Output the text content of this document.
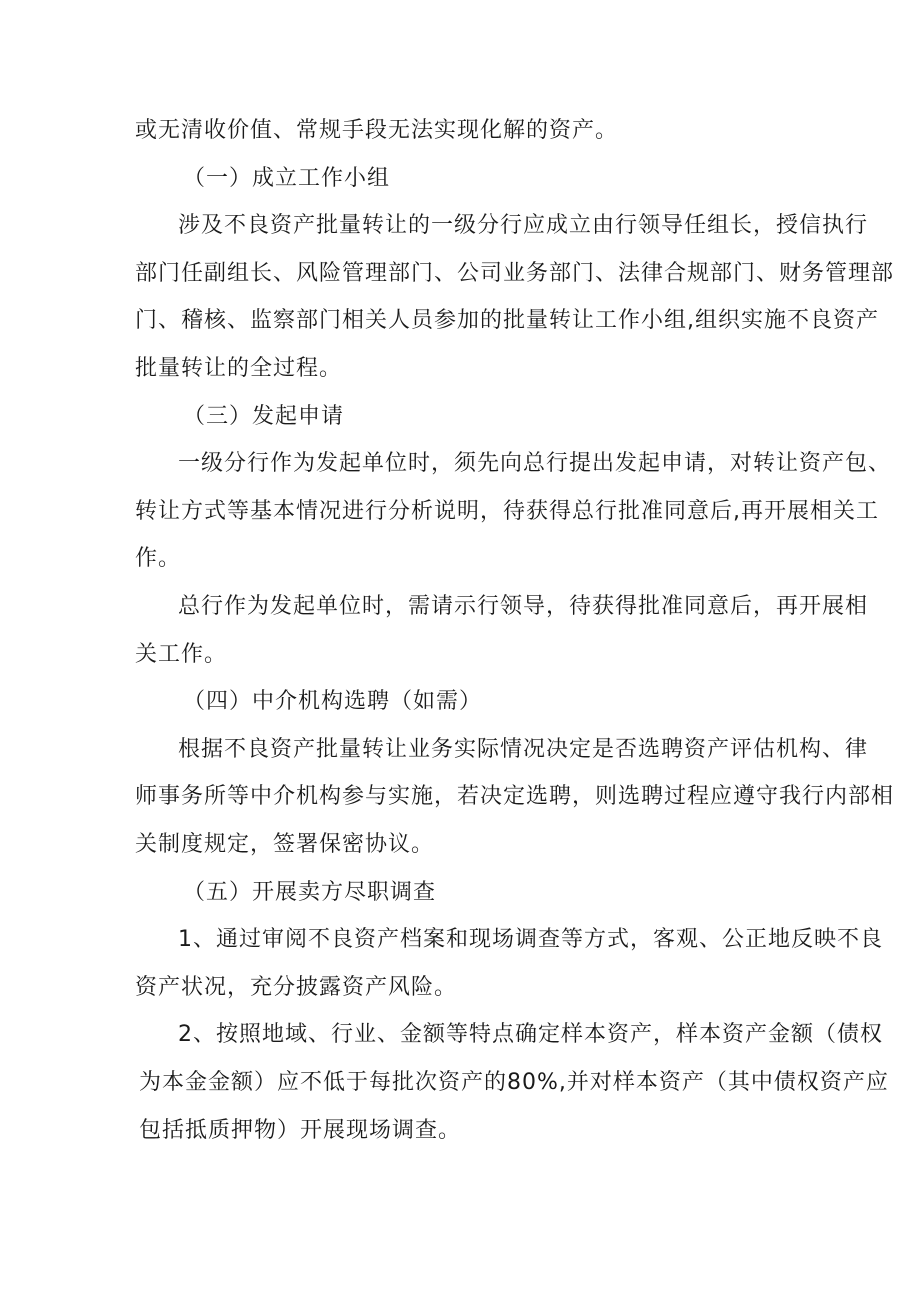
或无清收价值、常规手段无法实现化解的资产。
（一）成立工作小组
涉及不良资产批量转让的一级分行应成立由行领导任组长，授信执行
部门任副组长、风险管理部门、公司业务部门、法律合规部门、财务管理部
门、稽核、监察部门相关人员参加的批量转让工作小组,组织实施不良资产
批量转让的全过程。
（三）发起申请
一级分行作为发起单位时，须先向总行提出发起申请，对转让资产包、
转让方式等基本情况进行分析说明，待获得总行批准同意后,再开展相关工
作。
总行作为发起单位时，需请示行领导，待获得批准同意后，再开展相
关工作。
（四）中介机构选聘（如需）
根据不良资产批量转让业务实际情况决定是否选聘资产评估机构、律
师事务所等中介机构参与实施，若决定选聘，则选聘过程应遵守我行内部相
关制度规定，签署保密协议。
（五）开展卖方尽职调查
1、通过审阅不良资产档案和现场调查等方式，客观、公正地反映不良
资产状况，充分披露资产风险。
2、按照地域、行业、金额等特点确定样本资产，样本资产金额（债权
为本金金额）应不低于每批次资产的80%,并对样本资产（其中债权资产应
包括抵质押物）开展现场调查。
